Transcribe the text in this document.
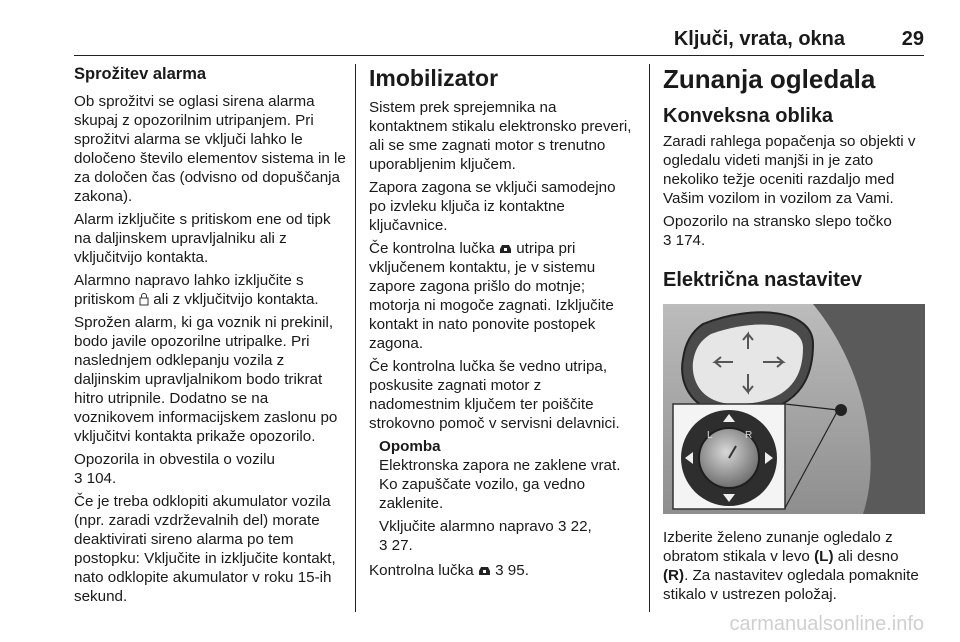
Ključi, vrata, okna	29
Sprožitev alarma

Ob sprožitvi se oglasi sirena alarma skupaj z opozorilnim utripanjem. Pri sprožitvi alarma se vključi lahko le določeno število elementov sistema in le za določen čas (odvisno od dopuščanja zakona).

Alarm izključite s pritiskom ene od tipk na daljinskem upravljalniku ali z vključitvijo kontakta.

Alarmno napravo lahko izključite s pritiskom  ali z vključitvijo kontakta.

Sprožen alarm, ki ga voznik ni prekinil, bodo javile opozorilne utripalke. Pri naslednjem odklepanju vozila z daljinskim upravljalnikom bodo trikrat hitro utripnile. Dodatno se na voznikovem informacijskem zaslonu po vključitvi kontakta prikaže opozorilo.

Opozorila in obvestila o vozilu
3 104.

Če je treba odklopiti akumulator vozila (npr. zaradi vzdrževalnih del) morate deaktivirati sireno alarma po tem postopku: Vključite in izključite kontakt, nato odklopite akumulator v roku 15-ih sekund.

Imobilizator

Sistem prek sprejemnika na kontaktnem stikalu elektronsko preveri, ali se sme zagnati motor s trenutno uporabljenim ključem.

Zapora zagona se vključi samodejno po izvleku ključa iz kontaktne ključavnice.

Če kontrolna lučka  utripa pri vključenem kontaktu, je v sistemu zapore zagona prišlo do motnje; motorja ni mogoče zagnati. Izključite kontakt in nato ponovite postopek zagona.

Če kontrolna lučka še vedno utripa, poskusite zagnati motor z nadomestnim ključem ter poiščite strokovno pomoč v servisni delavnici.

Opomba

Elektronska zapora ne zaklene vrat. Ko zapuščate vozilo, ga vedno zaklenite.

Vključite alarmno napravo 3 22,
3 27.

Kontrolna lučka  3 95.

Zunanja ogledala
Konveksna oblika

Zaradi rahlega popačenja so objekti v ogledalu videti manjši in je zato nekoliko težje oceniti razdaljo med Vašim vozilom in vozilom za Vami.

Opozorilo na stransko slepo točko
3 174.

Električna nastavitev
L	R

Izberite želeno zunanje ogledalo z obratom stikala v levo (L) ali desno (R). Za nastavitev ogledala pomaknite stikalo v ustrezen položaj.

carmanualsonline.info
